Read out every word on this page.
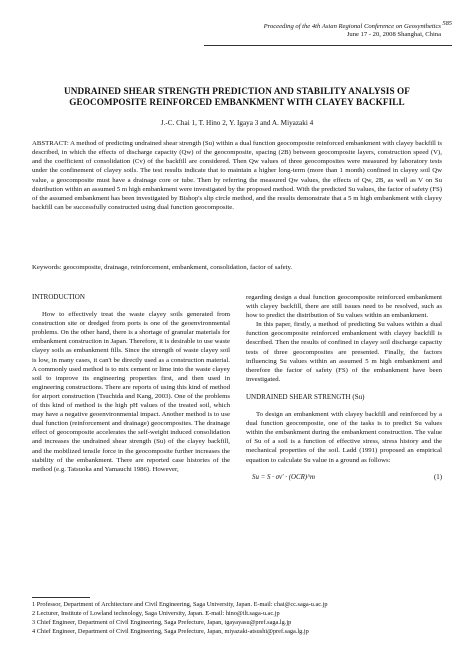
Proceeding of the 4th Asian Regional Conference on Geosynthetics
June 17 - 20, 2008 Shanghai, China
585
UNDRAINED SHEAR STRENGTH PREDICTION AND STABILITY ANALYSIS OF
GEOCOMPOSITE REINFORCED EMBANKMENT WITH CLAYEY BACKFILL
J.-C. Chai 1, T. Hino 2, Y. Igaya 3 and A. Miyazaki 4
ABSTRACT: A method of predicting undrained shear strength (Su) within a dual function geocomposite reinforced embankment with clayey backfill is described, in which the effects of discharge capacity (Qw) of the geocomposite, spacing (2B) between geocomposite layers, construction speed (V), and the coefficient of consolidation (Cv) of the backfill are considered. Then Qw values of three geocomposites were measured by laboratory tests under the confinement of clayey soils. The test results indicate that to maintain a higher long-term (more than 1 month) confined in clayey soil Qw value, a geocomposite must have a drainage core or tube. Then by referring the measured Qw values, the effects of Qw, 2B, as well as V on Su distribution within an assumed 5 m high embankment were investigated by the proposed method. With the predicted Su values, the factor of safety (FS) of the assumed embankment has been investigated by Bishop's slip circle method, and the results demonstrate that a 5 m high embankment with clayey backfill can be successfully constructed using dual function geocomposite.
Keywords: geocomposite, drainage, reinforcement, embankment, consolidation, factor of safety.
INTRODUCTION

How to effectively treat the waste clayey soils generated from construction site or dredged from ports is one of the geoenvironmental problems. On the other hand, there is a shortage of granular materials for embankment construction in Japan. Therefore, it is desirable to use waste clayey soils as embankment fills. Since the strength of waste clayey soil is low, in many cases, it can't be directly used as a construction material. A commonly used method is to mix cement or lime into the waste clayey soil to improve its engineering properties first, and then used in engineering constructions. There are reports of using this kind of method for airport construction (Tsuchida and Kang, 2003). One of the problems of this kind of method is the high pH values of the treated soil, which may have a negative geoenvironmental impact. Another method is to use dual function (reinforcement and drainage) geocomposites. The drainage effect of geocomposite accelerates the self-weight induced consolidation and increases the undrained shear strength (Su) of the clayey backfill, and the mobilized tensile force in the geocomposite further increases the stability of the embankment. There are reported case histories of the method (e.g. Tatsuoka and Yamauchi 1986). However,

regarding design a dual function geocomposite reinforced embankment with clayey backfill, there are still issues need to be resolved, such as how to predict the distribution of Su values within an embankment.

In this paper, firstly, a method of predicting Su values within a dual function geocomposite reinforced embankment with clayey backfill is described. Then the results of confined in clayey soil discharge capacity tests of three geocomposites are presented. Finally, the factors influencing Su values within an assumed 5 m high embankment and therefore the factor of safety (FS) of the embankment have been investigated.

UNDRAINED SHEAR STRENGTH (Su)

To design an embankment with clayey backfill and reinforced by a dual function geocomposite, one of the tasks is to predict Su values within the embankment during the embankment construction. The value of Su of a soil is a function of effective stress, stress history and the mechanical properties of the soil. Ladd (1991) proposed an empirical equation to calculate Su value in a ground as follows:

Su = S · σv' · (OCR)^m	(1)
1 Professor, Department of Architecture and Civil Engineering, Saga University, Japan. E-mail: chai@cc.saga-u.ac.jp
2 Lecturer, Institute of Lowland technology, Saga University, Japan. E-mail: hino@ilt.saga-u.ac.jp
3 Chief Engineer, Department of Civil Engineering, Saga Prefecture, Japan, igayayasu@pref.saga.lg.jp
4 Chief Engineer, Department of Civil Engineering, Saga Prefecture, Japan, miyazaki-atsushi@pref.saga.lg.jp
